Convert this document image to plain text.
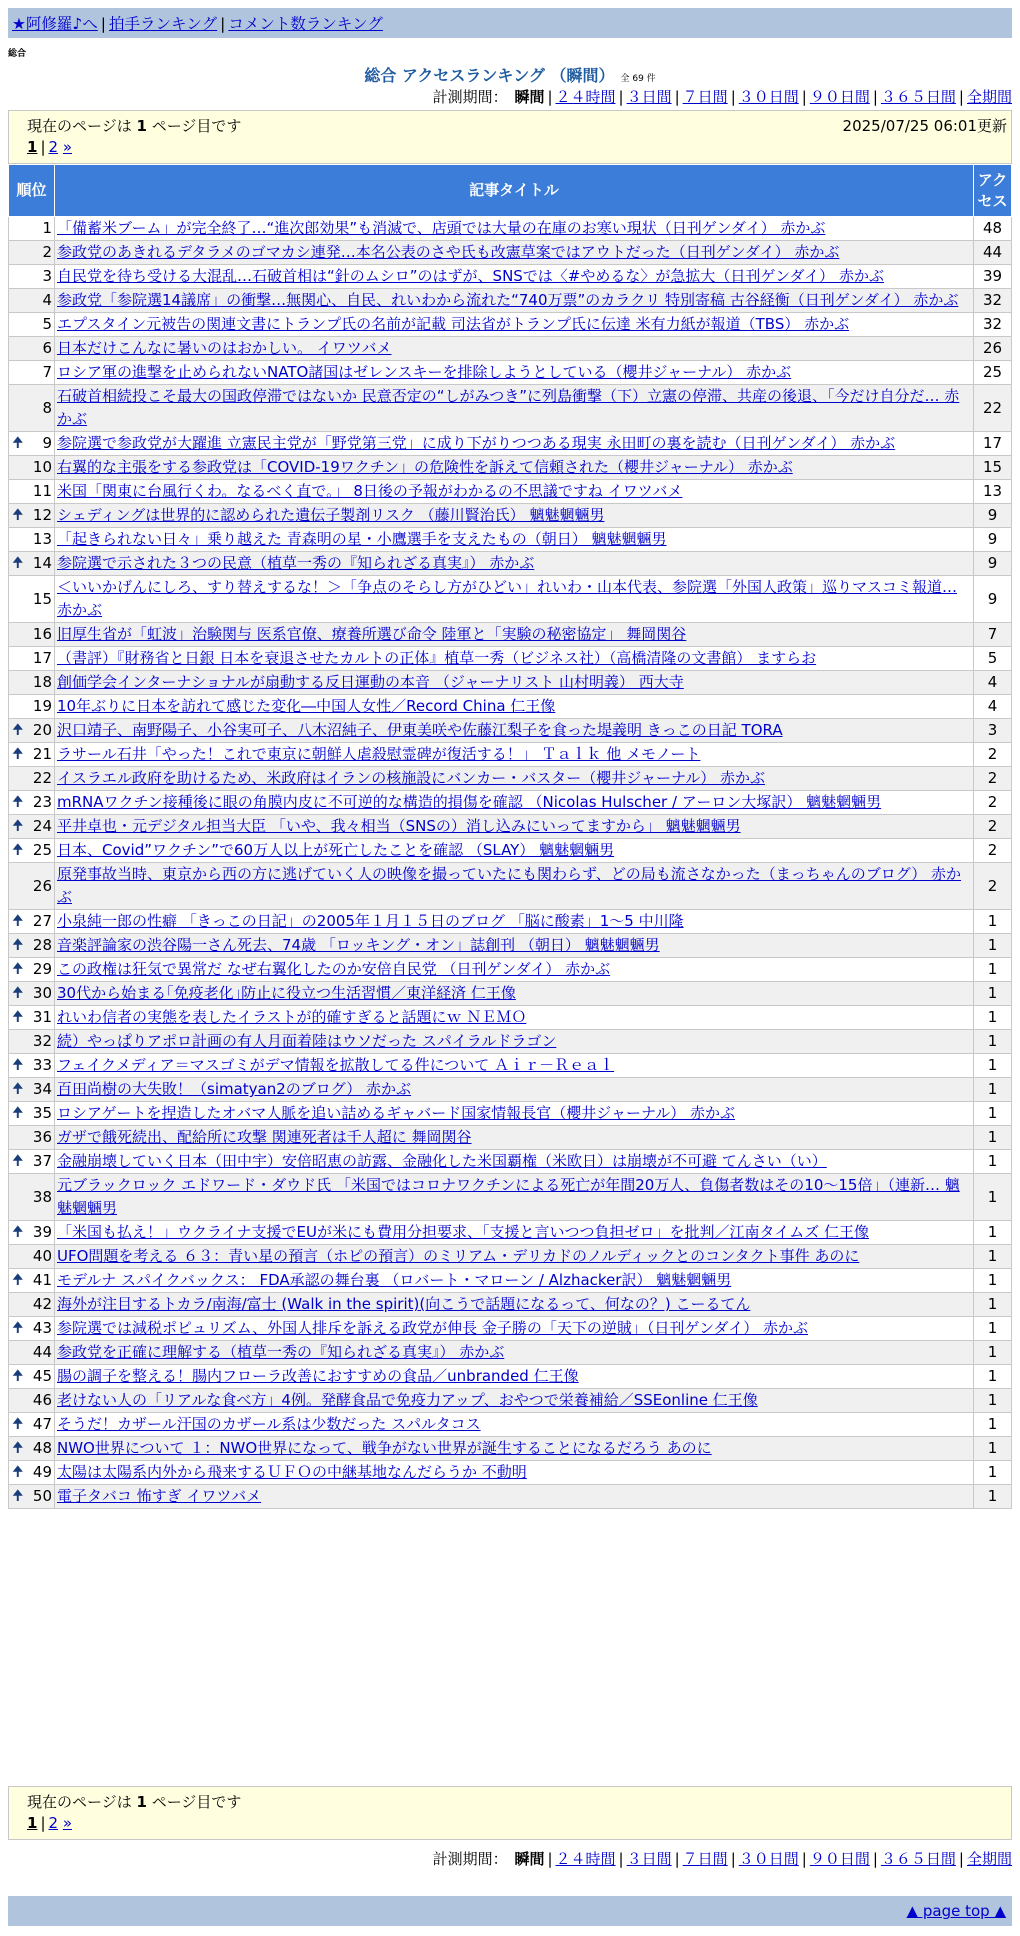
★阿修羅♪へ | 拍手ランキング | コメント数ランキング
総合
総合 アクセスランキング （瞬間） 全 69 件
計測期間： 瞬間 | ２４時間 | ３日間 | ７日間 | ３０日間 | ９０日間 | ３６５日間 | 全期間
現在のページは 1 ページ目です	2025/07/25 06:01更新
1 | 2 »
順位	記事タイトル	アクセス
1	「備蓄米ブーム」が完全終了…“進次郎効果”も消滅で、店頭では大量の在庫のお寒い現状（日刊ゲンダイ） 赤かぶ	48
2	参政党のあきれるデタラメのゴマカシ連発…本名公表のさや氏も改憲草案ではアウトだった（日刊ゲンダイ） 赤かぶ	44
3	自民党を待ち受ける大混乱…石破首相は“針のムシロ”のはずが、SNSでは〈#やめるな〉が急拡大（日刊ゲンダイ） 赤かぶ	39
4	参政党「参院選14議席」の衝撃…無関心、自民、れいわから流れた“740万票”のカラクリ 特別寄稿 古谷経衡（日刊ゲンダイ） 赤かぶ	32
5	エプスタイン元被告の関連文書にトランプ氏の名前が記載 司法省がトランプ氏に伝達 米有力紙が報道（TBS） 赤かぶ	32
6	日本だけこんなに暑いのはおかしい。 イワツバメ	26
7	ロシア軍の進撃を止められないNATO諸国はゼレンスキーを排除しようとしている（櫻井ジャーナル） 赤かぶ	25
8	石破首相続投こそ最大の国政停滞ではないか 民意否定の“しがみつき”に列島衝撃（下）立憲の停滞、共産の後退、「今だけ自分だ… 赤かぶ	22

🠉 9	参院選で参政党が大躍進 立憲民主党が「野党第三党」に成り下がりつつある現実 永田町の裏を読む（日刊ゲンダイ） 赤かぶ	17
10	右翼的な主張をする参政党は「COVID-19ワクチン」の危険性を訴えて信頼された（櫻井ジャーナル） 赤かぶ	15
11	米国「関東に台風行くわ。なるべく直で。」 8日後の予報がわかるの不思議ですね イワツバメ	13

🠉 12	シェディングは世界的に認められた遺伝子製剤リスク （藤川賢治氏） 魑魅魍魎男	9
13	「起きられない日々」乗り越えた 青森明の星・小鷹選手を支えたもの（朝日） 魑魅魍魎男	9

🠉 14	参院選で示された３つの民意（植草一秀の『知られざる真実』） 赤かぶ	9
15	＜いいかげんにしろ、すり替えするな！＞「争点のそらし方がひどい」れいわ・山本代表、参院選「外国人政策」巡りマスコミ報道… 赤かぶ	9
16	旧厚生省が「虹波」治験関与 医系官僚、療養所選び命令 陸軍と「実験の秘密協定」 舞岡関谷	7
17	（書評）『財務省と日銀 日本を衰退させたカルトの正体』植草一秀（ビジネス社）（高橋清隆の文書館） ますらお	5
18	創価学会インターナショナルが扇動する反日運動の本音 （ジャーナリスト 山村明義） 西大寺	4
19	10年ぶりに日本を訪れて感じた変化―中国人女性／Record China 仁王像	4

🠉 20	沢口靖子、南野陽子、小谷実可子、八木沼純子、伊東美咲や佐藤江梨子を食った堤義明 きっこの日記 TORA	3

🠉 21	ラサール石井「やった！これで東京に朝鮮人虐殺慰霊碑が復活する！」 Ｔａｌｋ 他 メモノート	2
22	イスラエル政府を助けるため、米政府はイランの核施設にバンカー・バスター（櫻井ジャーナル） 赤かぶ	2

🠉 23	mRNAワクチン接種後に眼の角膜内皮に不可逆的な構造的損傷を確認 （Nicolas Hulscher / アーロン大塚訳） 魑魅魍魎男	2

🠉 24	平井卓也・元デジタル担当大臣 「いや、我々相当（SNSの）消し込みにいってますから」 魑魅魍魎男	2

🠉 25	日本、Covid”ワクチン”で60万人以上が死亡したことを確認 （SLAY） 魑魅魍魎男	2
26	原発事故当時、東京から西の方に逃げていく人の映像を撮っていたにも関わらず、どの局も流さなかった（まっちゃんのブログ） 赤かぶ	2

🠉 27	小泉純一郎の性癖 「きっこの日記」の2005年１月１５日のブログ 「脳に酸素」1～5 中川隆	1

🠉 28	音楽評論家の渋谷陽一さん死去、74歳 「ロッキング・オン」誌創刊 （朝日） 魑魅魍魎男	1

🠉 29	この政権は狂気で異常だ なぜ右翼化したのか安倍自民党 （日刊ゲンダイ） 赤かぶ	1

🠉 30	30代から始まる｢免疫老化｣防止に役立つ生活習慣／東洋経済 仁王像	1

🠉 31	れいわ信者の実態を表したイラストが的確すぎると話題にｗ ＮＥＭＯ	1
32	続）やっぱりアポロ計画の有人月面着陸はウソだった スパイラルドラゴン	1

🠉 33	フェイクメディア＝マスゴミがデマ情報を拡散してる件について Ａｉｒ－Ｒｅａｌ	1

🠉 34	百田尚樹の大失敗！（simatyan2のブログ） 赤かぶ	1

🠉 35	ロシアゲートを捏造したオバマ人脈を追い詰めるギャバード国家情報長官（櫻井ジャーナル） 赤かぶ	1
36	ガザで餓死続出、配給所に攻撃 関連死者は千人超に 舞岡関谷	1

🠉 37	金融崩壊していく日本（田中宇）安倍昭恵の訪露、金融化した米国覇権（米欧日）は崩壊が不可避 てんさい（い）	1
38	元ブラックロック エドワード・ダウド氏 「米国ではコロナワクチンによる死亡が年間20万人、負傷者数はその10～15倍」（連新… 魑魅魍魎男	1

🠉 39	「米国も払え！」ウクライナ支援でEUが米にも費用分担要求、「支援と言いつつ負担ゼロ」を批判／江南タイムズ 仁王像	1
40	UFO問題を考える ６３：青い星の預言（ホピの預言）のミリアム・デリカドのノルディックとのコンタクト事件 あのに	1

🠉 41	モデルナ スパイクバックス： FDA承認の舞台裏 （ロバート・マローン / Alzhacker訳） 魑魅魍魎男	1
42	海外が注目するトカラ/南海/富士 (Walk in the spirit)(向こうで話題になるって、何なの？) こーるてん	1

🠉 43	参院選では減税ポピュリズム、外国人排斥を訴える政党が伸長 金子勝の「天下の逆賊」（日刊ゲンダイ） 赤かぶ	1
44	参政党を正確に理解する（植草一秀の『知られざる真実』） 赤かぶ	1

🠉 45	腸の調子を整える！腸内フローラ改善におすすめの食品／unbranded 仁王像	1
46	老けない人の「リアルな食べ方」4例。発酵食品で免疫力アップ、おやつで栄養補給／SSEonline 仁王像	1

🠉 47	そうだ！カザール汗国のカザール系は少数だった スパルタコス	1

🠉 48	NWO世界について １：NWO世界になって、戦争がない世界が誕生することになるだろう あのに	1

🠉 49	太陽は太陽系内外から飛来するＵＦＯの中継基地なんだらうか 不動明	1

🠉 50	電子タバコ 怖すぎ イワツバメ	1
現在のページは 1 ページ目です
1 | 2 »
計測期間： 瞬間 | ２４時間 | ３日間 | ７日間 | ３０日間 | ９０日間 | ３６５日間 | 全期間
▲ page top ▲
